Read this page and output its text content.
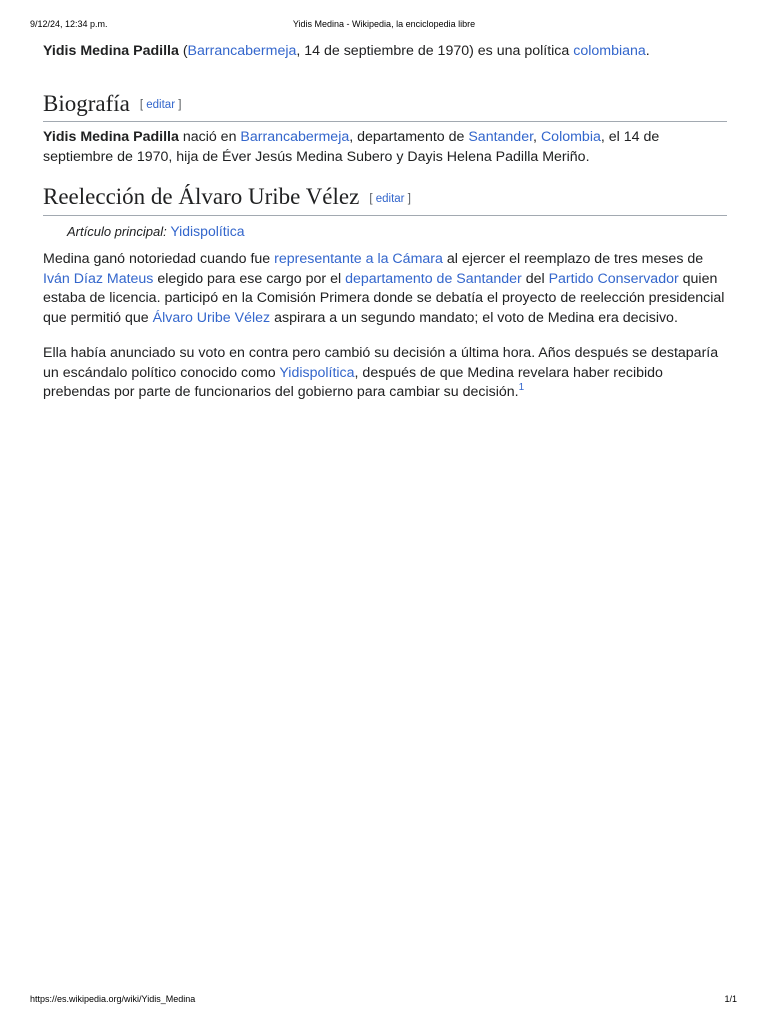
9/12/24, 12:34 p.m.	Yidis Medina - Wikipedia, la enciclopedia libre

Yidis Medina Padilla (Barrancabermeja, 14 de septiembre de 1970) es una política colombiana.

Biografía [ editar ]

Yidis Medina Padilla nació en Barrancabermeja, departamento de Santander, Colombia, el 14 de septiembre de 1970, hija de Éver Jesús Medina Subero y Dayis Helena Padilla Meriño.

Reelección de Álvaro Uribe Vélez [ editar ]
Artículo principal: Yidispolítica

Medina ganó notoriedad cuando fue representante a la Cámara al ejercer el reemplazo de tres meses de Iván Díaz Mateus elegido para ese cargo por el departamento de Santander del Partido Conservador quien estaba de licencia. participó en la Comisión Primera donde se debatía el proyecto de reelección presidencial que permitió que Álvaro Uribe Vélez aspirara a un segundo mandato; el voto de Medina era decisivo.

Ella había anunciado su voto en contra pero cambió su decisión a última hora. Años después se destaparía un escándalo político conocido como Yidispolítica, después de que Medina revelara haber recibido prebendas por parte de funcionarios del gobierno para cambiar su decisión.$^1$

https://es.wikipedia.org/wiki/Yidis_Medina	1/1
